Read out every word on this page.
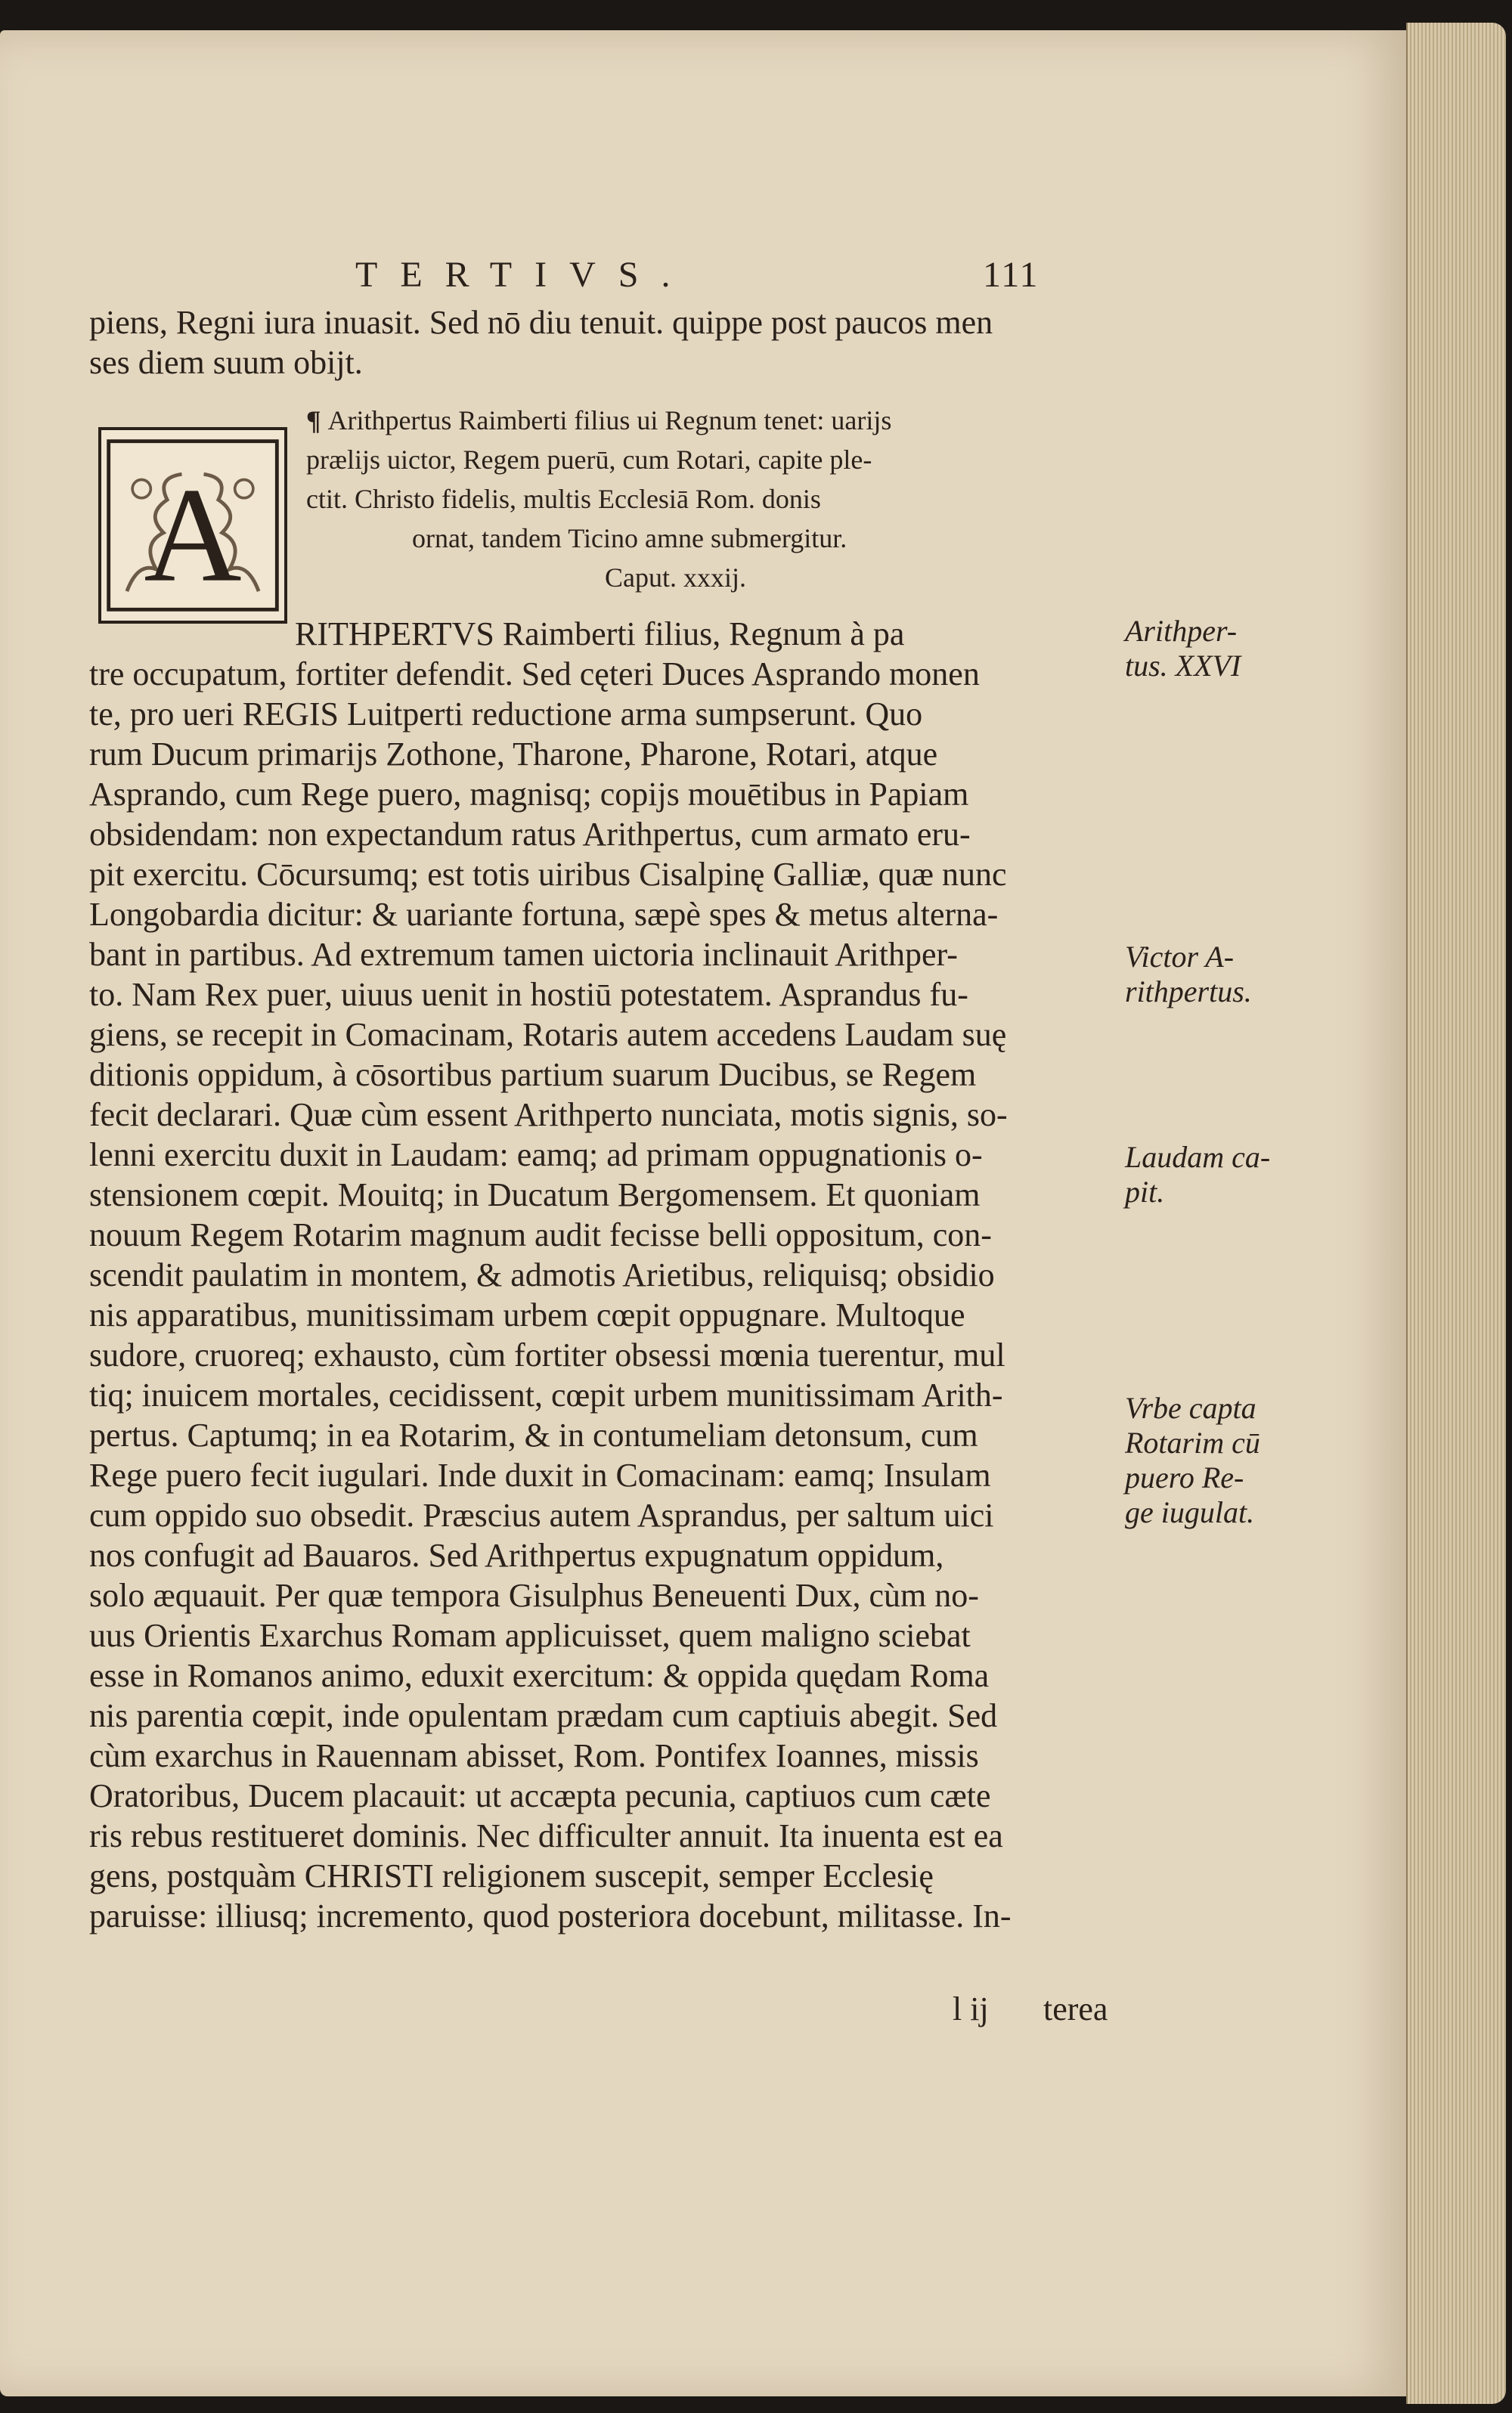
TERTIVS.	111
piens, Regni iura inuasit. Sed nō diu tenuit. quippe post paucos men
ses diem suum obijt.
¶ Arithpertus Raimberti filius ui Regnum tenet: uarijs
prælijs uictor, Regem puerū, cum Rotari, capite ple-
ctit. Christo fidelis, multis Ecclesiā Rom. donis
ornat, tandem Ticino amne submergitur.
Caput. xxxij.
A
RITHPERTVS Raimberti filius, Regnum à pa
tre occupatum, fortiter defendit. Sed cęteri Duces Asprando monen
te, pro ueri REGIS Luitperti reductione arma sumpserunt. Quo
rum Ducum primarijs Zothone, Tharone, Pharone, Rotari, atque
Asprando, cum Rege puero, magnisq; copijs mouētibus in Papiam
obsidendam: non expectandum ratus Arithpertus, cum armato eru-
pit exercitu. Cōcursumq; est totis uiribus Cisalpinę Galliæ, quæ nunc
Longobardia dicitur: & uariante fortuna, sæpè spes & metus alterna-
bant in partibus. Ad extremum tamen uictoria inclinauit Arithper-
to. Nam Rex puer, uiuus uenit in hostiū potestatem. Asprandus fu-
giens, se recepit in Comacinam, Rotaris autem accedens Laudam suę
ditionis oppidum, à cōsortibus partium suarum Ducibus, se Regem
fecit declarari. Quæ cùm essent Arithperto nunciata, motis signis, so-
lenni exercitu duxit in Laudam: eamq; ad primam oppugnationis o-
stensionem cœpit. Mouitq; in Ducatum Bergomensem. Et quoniam
nouum Regem Rotarim magnum audit fecisse belli oppositum, con-
scendit paulatim in montem, & admotis Arietibus, reliquisq; obsidio
nis apparatibus, munitissimam urbem cœpit oppugnare. Multoque
sudore, cruoreq; exhausto, cùm fortiter obsessi mœnia tuerentur, mul
tiq; inuicem mortales, cecidissent, cœpit urbem munitissimam Arith-
pertus. Captumq; in ea Rotarim, & in contumeliam detonsum, cum
Rege puero fecit iugulari. Inde duxit in Comacinam: eamq; Insulam
cum oppido suo obsedit. Præscius autem Asprandus, per saltum uici
nos confugit ad Bauaros. Sed Arithpertus expugnatum oppidum,
solo æquauit. Per quæ tempora Gisulphus Beneuenti Dux, cùm no-
uus Orientis Exarchus Romam applicuisset, quem maligno sciebat
esse in Romanos animo, eduxit exercitum: & oppida quędam Roma
nis parentia cœpit, inde opulentam prædam cum captiuis abegit. Sed
cùm exarchus in Rauennam abisset, Rom. Pontifex Ioannes, missis
Oratoribus, Ducem placauit: ut accæpta pecunia, captiuos cum cæte
ris rebus restitueret dominis. Nec difficulter annuit. Ita inuenta est ea
gens, postquàm CHRISTI religionem suscepit, semper Ecclesię
paruisse: illiusq; incremento, quod posteriora docebunt, militasse. In-
Arithper-
tus. XXVI
Victor A-
rithpertus.
Laudam ca-
pit.
Vrbe capta
Rotarim cū
puero Re-
ge iugulat.
l ij terea
